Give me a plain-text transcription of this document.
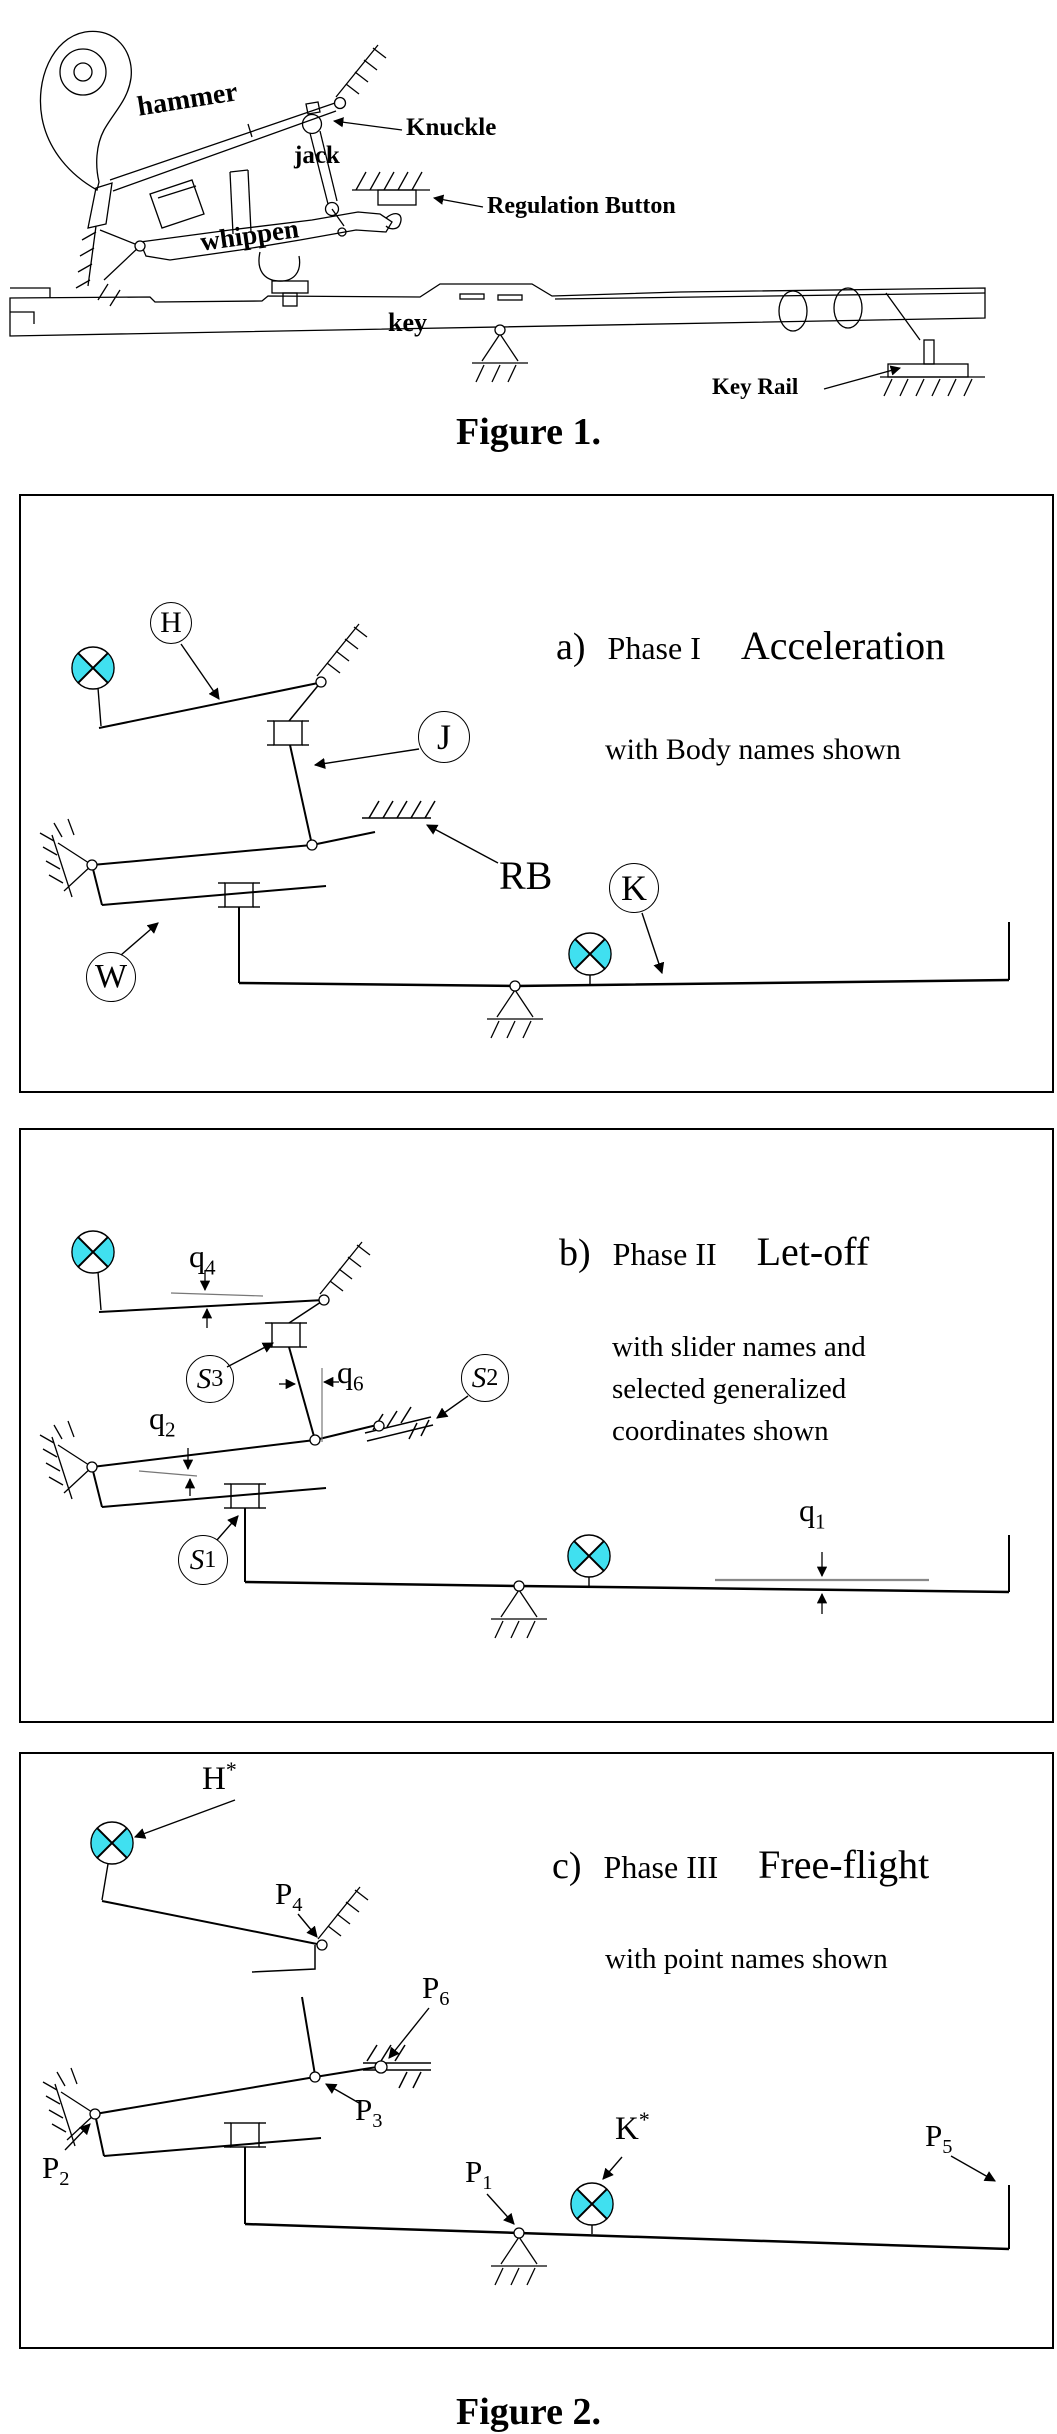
hammer
Knuckle
jack
Regulation Button
whippen
key
Key Rail
Figure 1.
a) Phase I Acceleration
with Body names shown
H
J
RB K
W
b) Phase II Let-off
with slider names and
selected generalized
coordinates shown
$q_4$
$q_6$
$q_2$
$q_1$
S 3	S 2
S 1
c) Phase III Free-flight
with point names shown
H*
$P_4$
$P_6$
$P_3$
$P_2$	$P_1$
K*	$P_5$
Figure 2.
